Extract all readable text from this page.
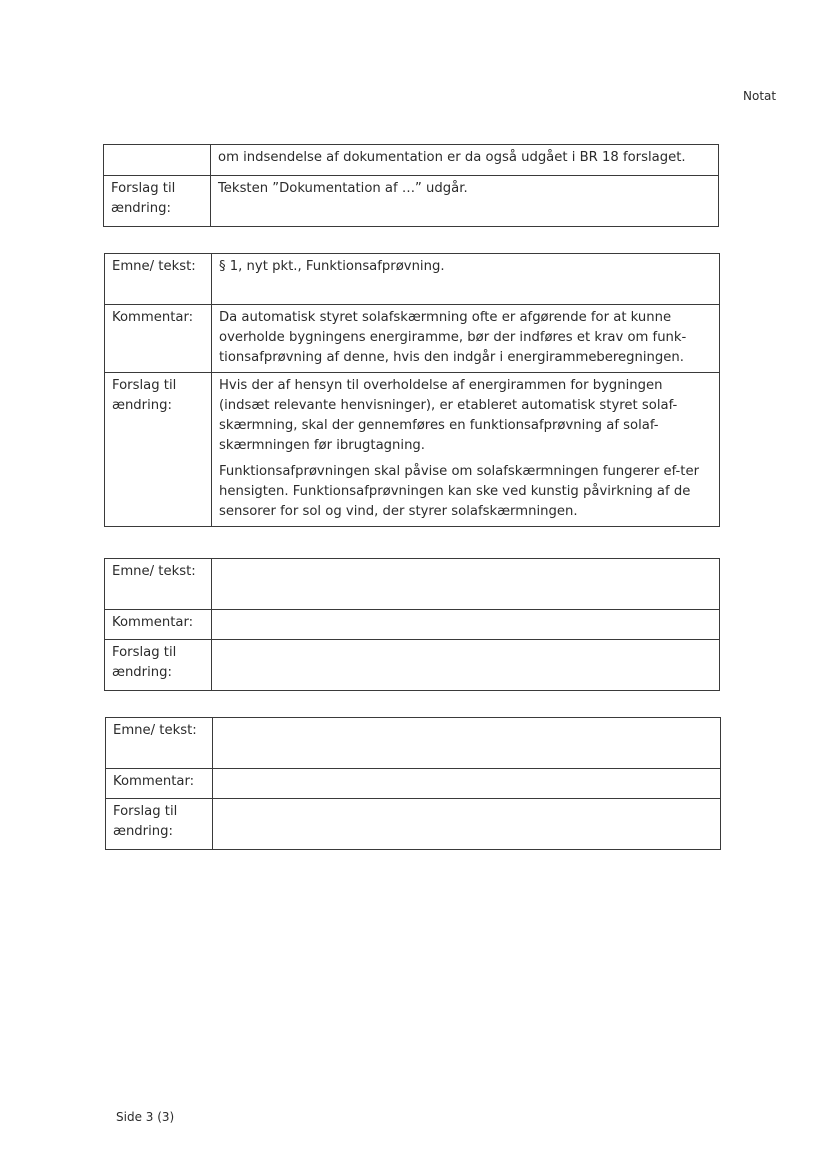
Notat

	om indsendelse af dokumentation er da også udgået i BR 18 forslaget.

Forslag til ændring:	Teksten ”Dokumentation af …” udgår.

Emne/ tekst:	§ 1, nyt pkt., Funktionsafprøvning.

Kommentar:	Da automatisk styret solafskærmning ofte er afgørende for at kunne overholde bygningens energiramme, bør der indføres et krav om funk-tionsafprøvning af denne, hvis den indgår i energirammeberegningen.

Forslag til ændring:	Hvis der af hensyn til overholdelse af energirammen for bygningen (indsæt relevante henvisninger), er etableret automatisk styret solaf-skærmning, skal der gennemføres en funktionsafprøvning af solaf-skærmningen før ibrugtagning.

Funktionsafprøvningen skal påvise om solafskærmningen fungerer ef-ter hensigten. Funktionsafprøvningen kan ske ved kunstig påvirkning af de sensorer for sol og vind, der styrer solafskærmningen.

Emne/ tekst:	
Kommentar:	
Forslag til ændring:	
Emne/ tekst:	
Kommentar:	
Forslag til ændring:	
Side 3 (3)
